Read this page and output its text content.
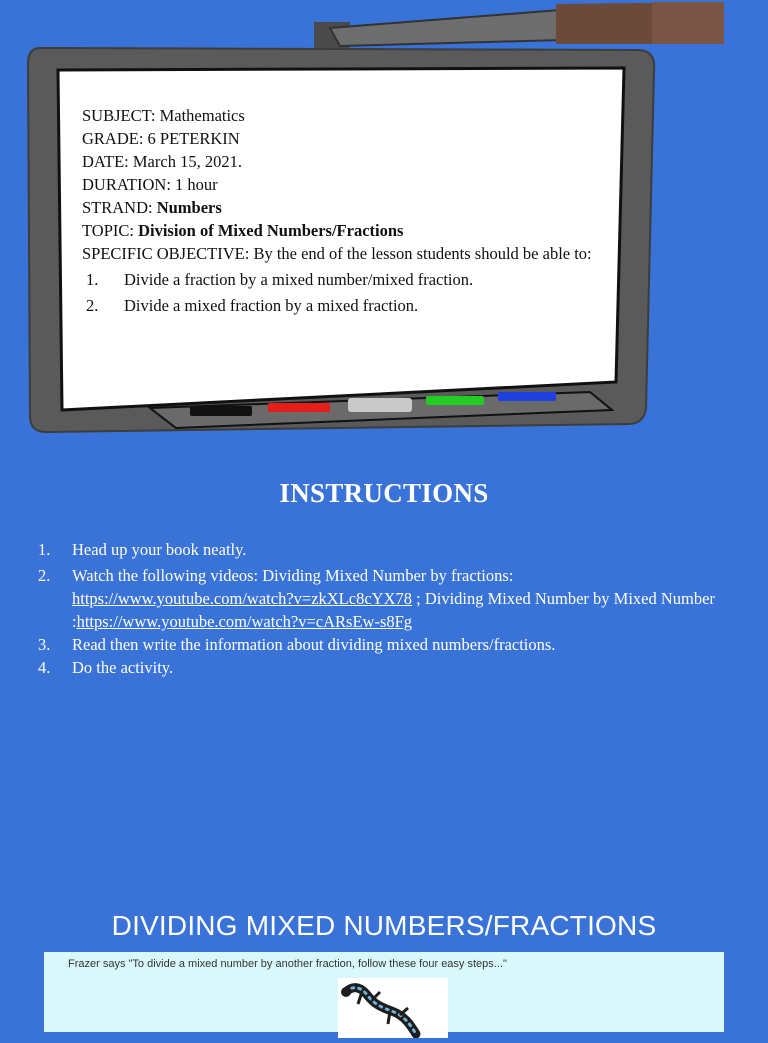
SUBJECT: Mathematics
GRADE: 6 PETERKIN
DATE: March 15, 2021.
DURATION: 1 hour
STRAND: Numbers
TOPIC: Division of Mixed Numbers/Fractions
SPECIFIC OBJECTIVE: By the end of the lesson students should be able to:
1.	Divide a fraction by a mixed number/mixed fraction.
2.	Divide a mixed fraction by a mixed fraction.
INSTRUCTIONS
1.	Head up your book neatly.
2.	Watch the following videos: Dividing Mixed Number by fractions: https://www.youtube.com/watch?v=zkXLc8cYX78 ; Dividing Mixed Number by Mixed Number :https://www.youtube.com/watch?v=cARsEw-s8Fg
3.	Read then write the information about dividing mixed numbers/fractions.
4.	Do the activity.
DIVIDING MIXED NUMBERS/FRACTIONS
Frazer says "To divide a mixed number by another fraction, follow these four easy steps..."
